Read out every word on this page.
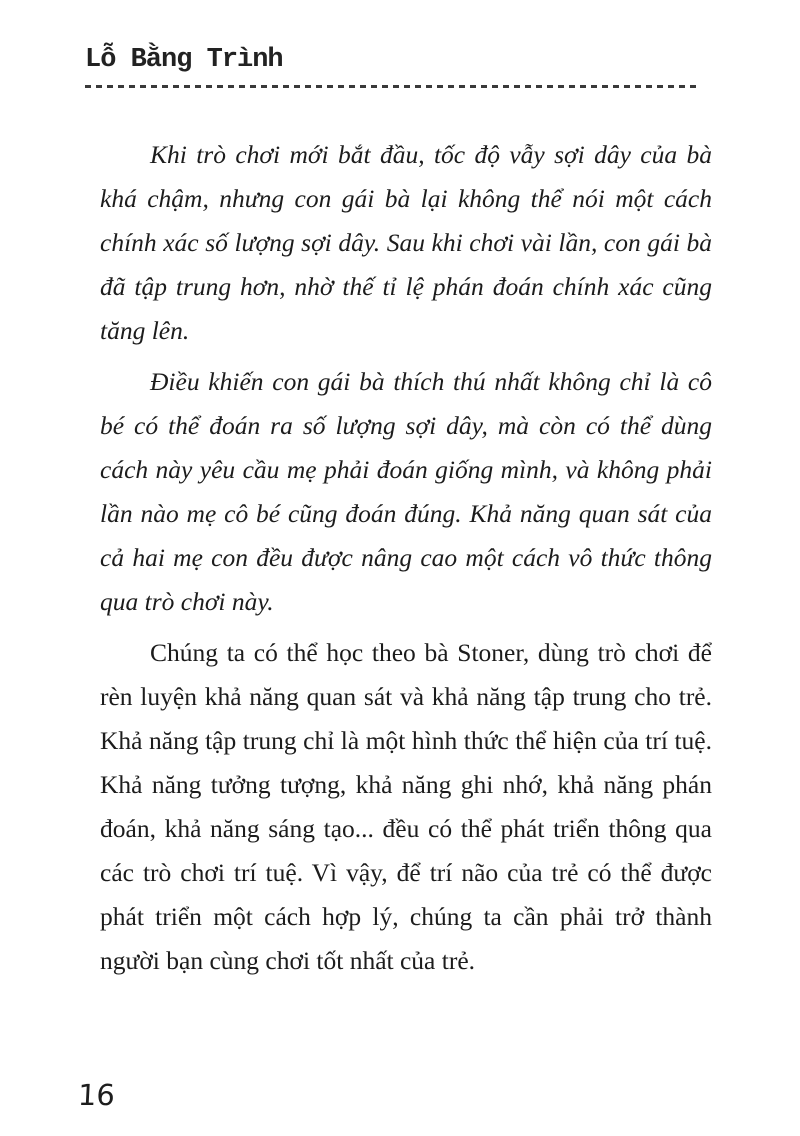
Lỗ Bằng Trình

Khi trò chơi mới bắt đầu, tốc độ vẫy sợi dây của bà khá chậm, nhưng con gái bà lại không thể nói một cách chính xác số lượng sợi dây. Sau khi chơi vài lần, con gái bà đã tập trung hơn, nhờ thế tỉ lệ phán đoán chính xác cũng tăng lên.

Điều khiến con gái bà thích thú nhất không chỉ là cô bé có thể đoán ra số lượng sợi dây, mà còn có thể dùng cách này yêu cầu mẹ phải đoán giống mình, và không phải lần nào mẹ cô bé cũng đoán đúng. Khả năng quan sát của cả hai mẹ con đều được nâng cao một cách vô thức thông qua trò chơi này.

Chúng ta có thể học theo bà Stoner, dùng trò chơi để rèn luyện khả năng quan sát và khả năng tập trung cho trẻ. Khả năng tập trung chỉ là một hình thức thể hiện của trí tuệ. Khả năng tưởng tượng, khả năng ghi nhớ, khả năng phán đoán, khả năng sáng tạo... đều có thể phát triển thông qua các trò chơi trí tuệ. Vì vậy, để trí não của trẻ có thể được phát triển một cách hợp lý, chúng ta cần phải trở thành người bạn cùng chơi tốt nhất của trẻ.

16
